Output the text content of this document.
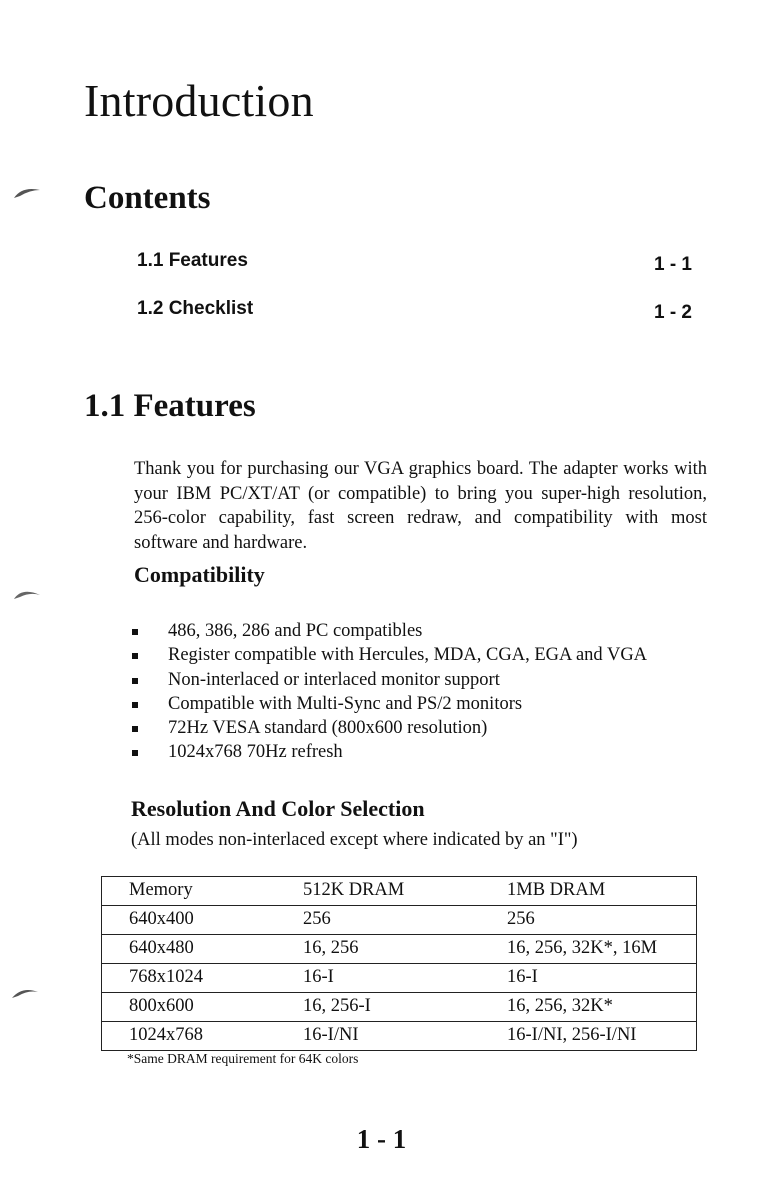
Introduction
Contents
1.1 Features	1 - 1
1.2 Checklist	1 - 2
1.1 Features
Thank you for purchasing our VGA graphics board. The adapter works with your IBM PC/XT/AT (or compatible) to bring you super-high resolution, 256-color capability, fast screen redraw, and compatibility with most software and hardware.
Compatibility
486, 386, 286 and PC compatibles
Register compatible with Hercules, MDA, CGA, EGA and VGA
Non-interlaced or interlaced monitor support
Compatible with Multi-Sync and PS/2 monitors
72Hz VESA standard (800x600 resolution)
1024x768 70Hz refresh
Resolution And Color Selection
(All modes non-interlaced except where indicated by an "I")
Memory	512K DRAM	1MB DRAM
640x400	256	256
640x480	16, 256	16, 256, 32K*, 16M
768x1024	16-I	16-I
800x600	16, 256-I	16, 256, 32K*
1024x768	16-I/NI	16-I/NI, 256-I/NI
*Same DRAM requirement for 64K colors
1 - 1
